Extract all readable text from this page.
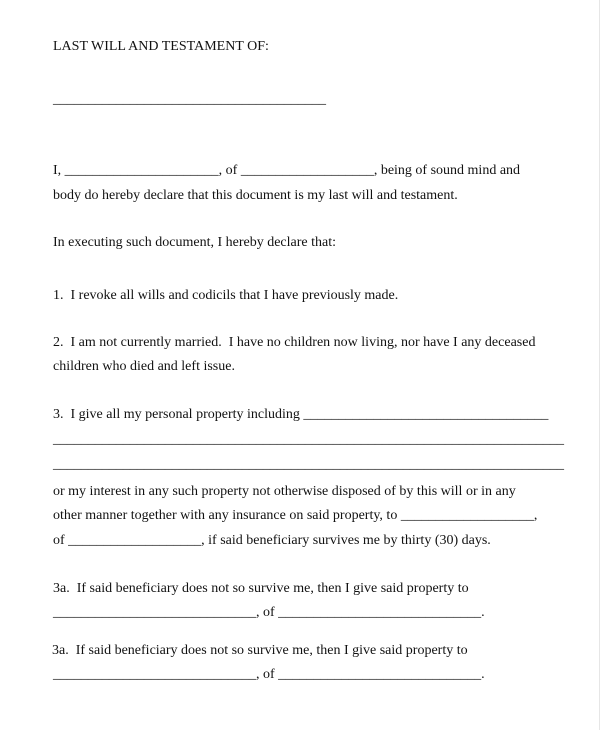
LAST WILL AND TESTAMENT OF:
_______________________________________
I, ______________________, of ___________________, being of sound mind and
body do hereby declare that this document is my last will and testament.
In executing such document, I hereby declare that:
1.  I revoke all wills and codicils that I have previously made.
2.  I am not currently married.  I have no children now living, nor have I any deceased
children who died and left issue.
3.  I give all my personal property including ___________________________________
_________________________________________________________________________
_________________________________________________________________________
or my interest in any such property not otherwise disposed of by this will or in any
other manner together with any insurance on said property, to ___________________,
of ___________________, if said beneficiary survives me by thirty (30) days.
3a.  If said beneficiary does not so survive me, then I give said property to
_____________________________, of _____________________________.
3a.  If said beneficiary does not so survive me, then I give said property to
_____________________________, of _____________________________.
